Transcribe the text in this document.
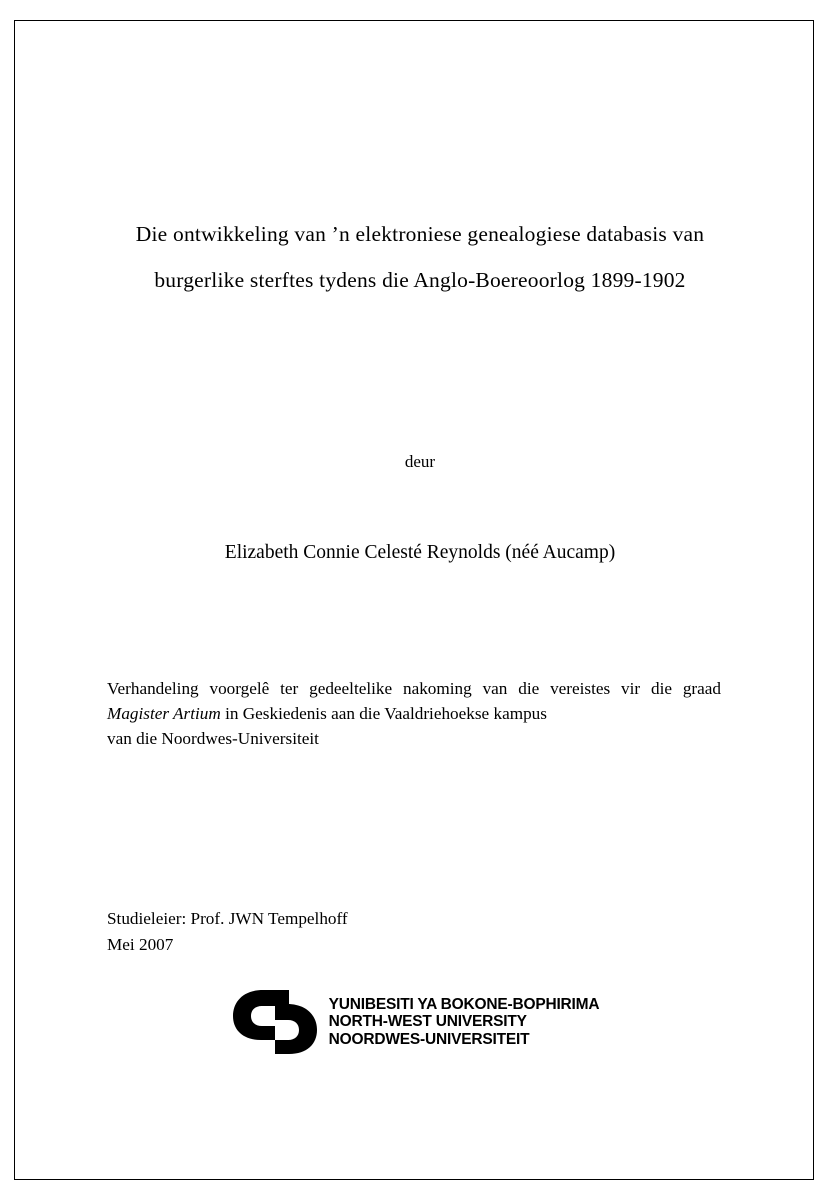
Die ontwikkeling van ’n elektroniese genealogiese databasis van
burgerlike sterftes tydens die Anglo-Boereoorlog 1899-1902
deur
Elizabeth Connie Celesté Reynolds (néé Aucamp)

Verhandeling voorgelê ter gedeeltelike nakoming van die vereistes vir die graad Magister Artium in Geskiedenis aan die Vaaldriehoekse kampus

van die Noordwes-Universiteit

Studieleier: Prof. JWN Tempelhoff
Mei 2007
YUNIBESITI YA BOKONE-BOPHIRIMA
NORTH-WEST UNIVERSITY
NOORDWES-UNIVERSITEIT
